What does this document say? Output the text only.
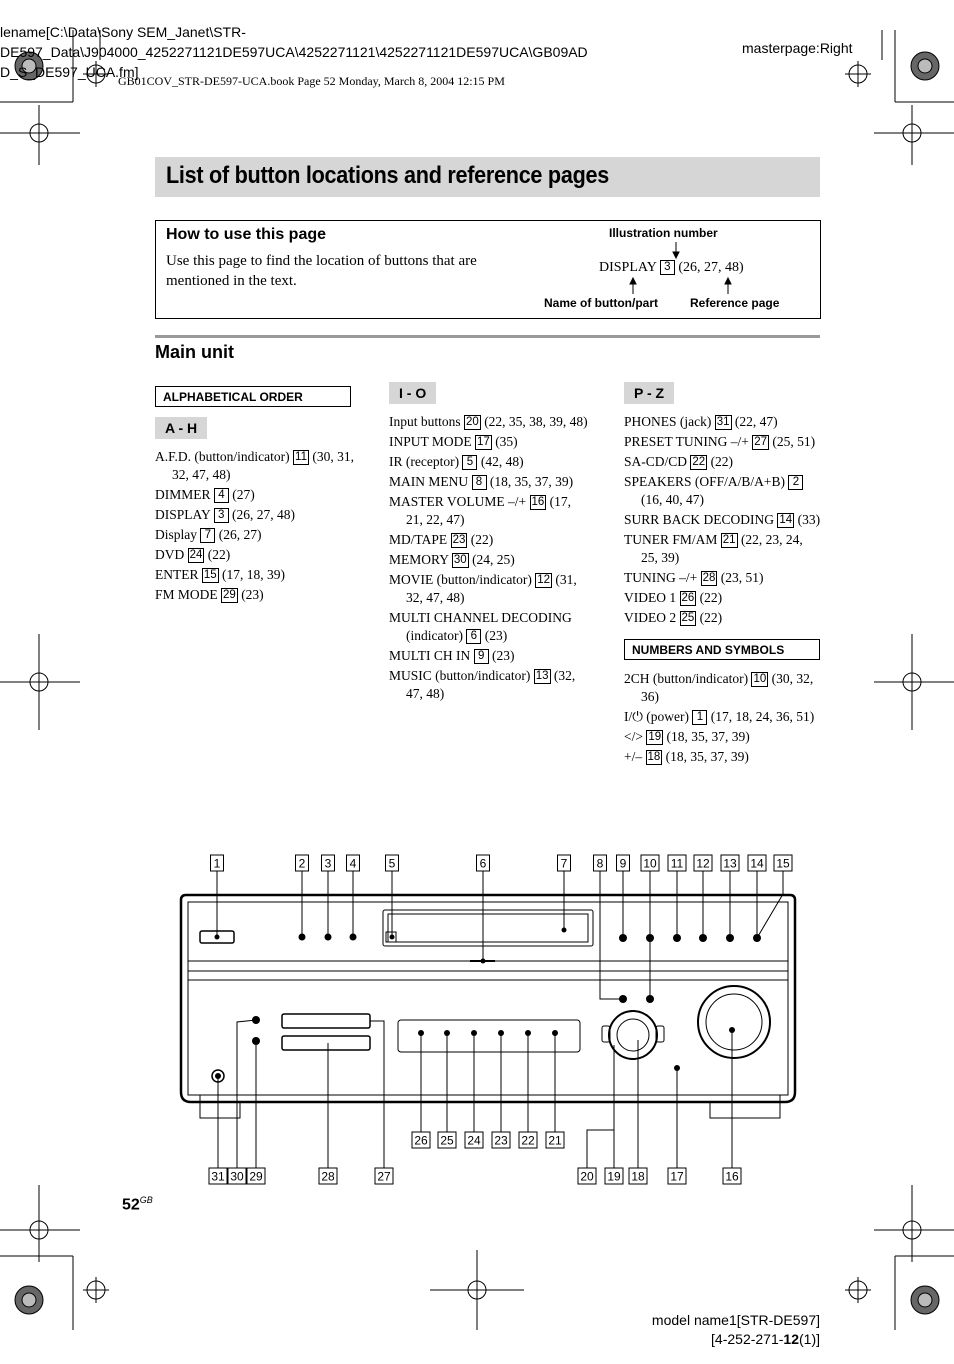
lename[C:\Data\Sony SEM_Janet\STR-
DE597_Data\J904000_4252271121DE597UCA\4252271121\4252271121DE597UCA\GB09AD
D_S_DE597_UCA.fm]
masterpage:Right
GB01COV_STR-DE597-UCA.book Page 52 Monday, March 8, 2004 12:15 PM
List of button locations and reference pages
How to use this page
Use this page to find the location of buttons that are mentioned in the text.
Illustration number
DISPLAY 3 (26, 27, 48)
Name of button/part	Reference page
Main unit
ALPHABETICAL ORDER
A - H
A.F.D. (button/indicator) 11 (30, 31, 32, 47, 48)
DIMMER 4 (27)
DISPLAY 3 (26, 27, 48)
Display 7 (26, 27)
DVD 24 (22)
ENTER 15 (17, 18, 39)
FM MODE 29 (23)
I - O
Input buttons 20 (22, 35, 38, 39, 48)
INPUT MODE 17 (35)
IR (receptor) 5 (42, 48)
MAIN MENU 8 (18, 35, 37, 39)
MASTER VOLUME –/+ 16 (17, 21, 22, 47)
MD/TAPE 23 (22)
MEMORY 30 (24, 25)
MOVIE (button/indicator) 12 (31, 32, 47, 48)
MULTI CHANNEL DECODING (indicator) 6 (23)
MULTI CH IN 9 (23)
MUSIC (button/indicator) 13 (32, 47, 48)
P - Z
PHONES (jack) 31 (22, 47)
PRESET TUNING –/+ 27 (25, 51)
SA-CD/CD 22 (22)
SPEAKERS (OFF/A/B/A+B) 2 (16, 40, 47)
SURR BACK DECODING 14 (33)
TUNER FM/AM 21 (22, 23, 24, 25, 39)
TUNING –/+ 28 (23, 51)
VIDEO 1 26 (22)
VIDEO 2 25 (22)
NUMBERS AND SYMBOLS
2CH (button/indicator) 10 (30, 32, 36)
I/⏻ (power) 1 (17, 18, 24, 36, 51)
</> 19 (18, 35, 37, 39)
+/– 18 (18, 35, 37, 39)
1	2 3 4	5	6	7 8 9 10 11 12 13 14 15
26 25 24 23 22 21
31 30 29	28	27	20 19 18 17	16
$52^{GB}$
model name1[STR-DE597]
[4-252-271-12(1)]
